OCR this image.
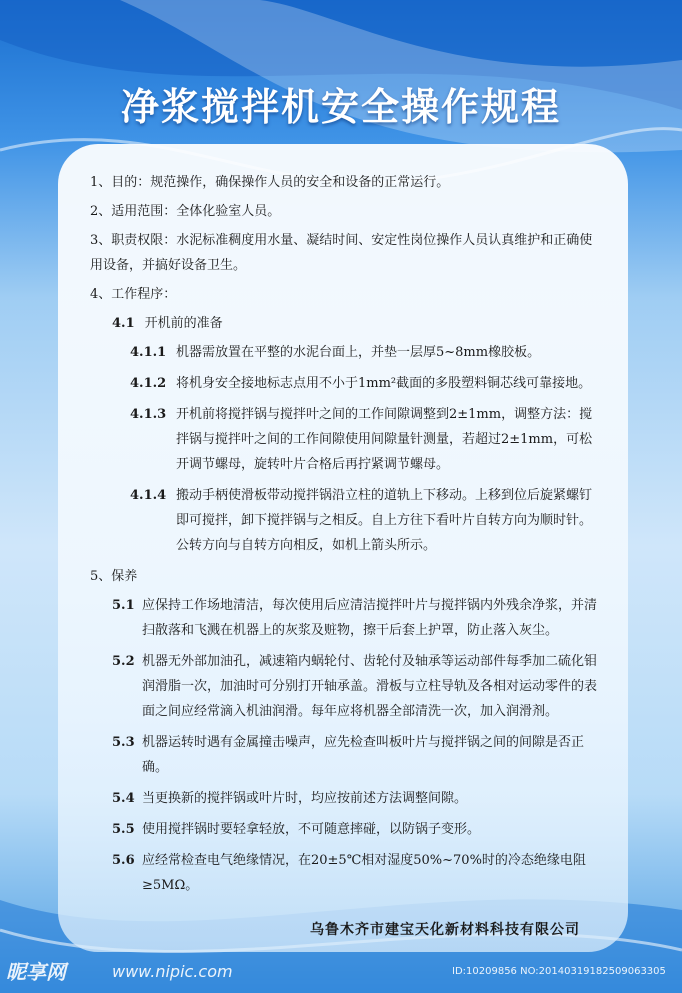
净浆搅拌机安全操作规程
1、目的：规范操作，确保操作人员的安全和设备的正常运行。
2、适用范围：全体化验室人员。
3、职责权限：水泥标准稠度用水量、凝结时间、安定性岗位操作人员认真维护和正确使用设备，并搞好设备卫生。
4、工作程序：
4.1 开机前的准备
4.1.1 机器需放置在平整的水泥台面上，并垫一层厚5~8mm橡胶板。
4.1.2 将机身安全接地标志点用不小于1mm²截面的多股塑料铜芯线可靠接地。
4.1.3 开机前将搅拌锅与搅拌叶之间的工作间隙调整到2±1mm，调整方法：搅拌锅与搅拌叶之间的工作间隙使用间隙量针测量，若超过2±1mm，可松开调节螺母，旋转叶片合格后再拧紧调节螺母。
4.1.4 搬动手柄使滑板带动搅拌锅沿立柱的道轨上下移动。上移到位后旋紧螺钉即可搅拌，卸下搅拌锅与之相反。自上方往下看叶片自转方向为顺时针。公转方向与自转方向相反，如机上箭头所示。
5、保养
5.1 应保持工作场地清洁，每次使用后应清洁搅拌叶片与搅拌锅内外残余净浆，并清扫散落和飞溅在机器上的灰浆及赃物，擦干后套上护罩，防止落入灰尘。
5.2 机器无外部加油孔，减速箱内蜗轮付、齿轮付及轴承等运动部件每季加二硫化钼润滑脂一次，加油时可分别打开轴承盖。滑板与立柱导轨及各相对运动零件的表面之间应经常滴入机油润滑。每年应将机器全部清洗一次，加入润滑剂。
5.3 机器运转时遇有金属撞击噪声，应先检查叫板叶片与搅拌锅之间的间隙是否正确。
5.4 当更换新的搅拌锅或叶片时，均应按前述方法调整间隙。
5.5 使用搅拌锅时要轻拿轻放，不可随意摔碰，以防锅子变形。
5.6 应经常检查电气绝缘情况，在20±5℃相对湿度50%~70%时的冷态绝缘电阻≥5MΩ。
乌鲁木齐市建宝天化新材料科技有限公司
昵享网	www.nipic.com	ID:10209856 NO:20140319182509063305
